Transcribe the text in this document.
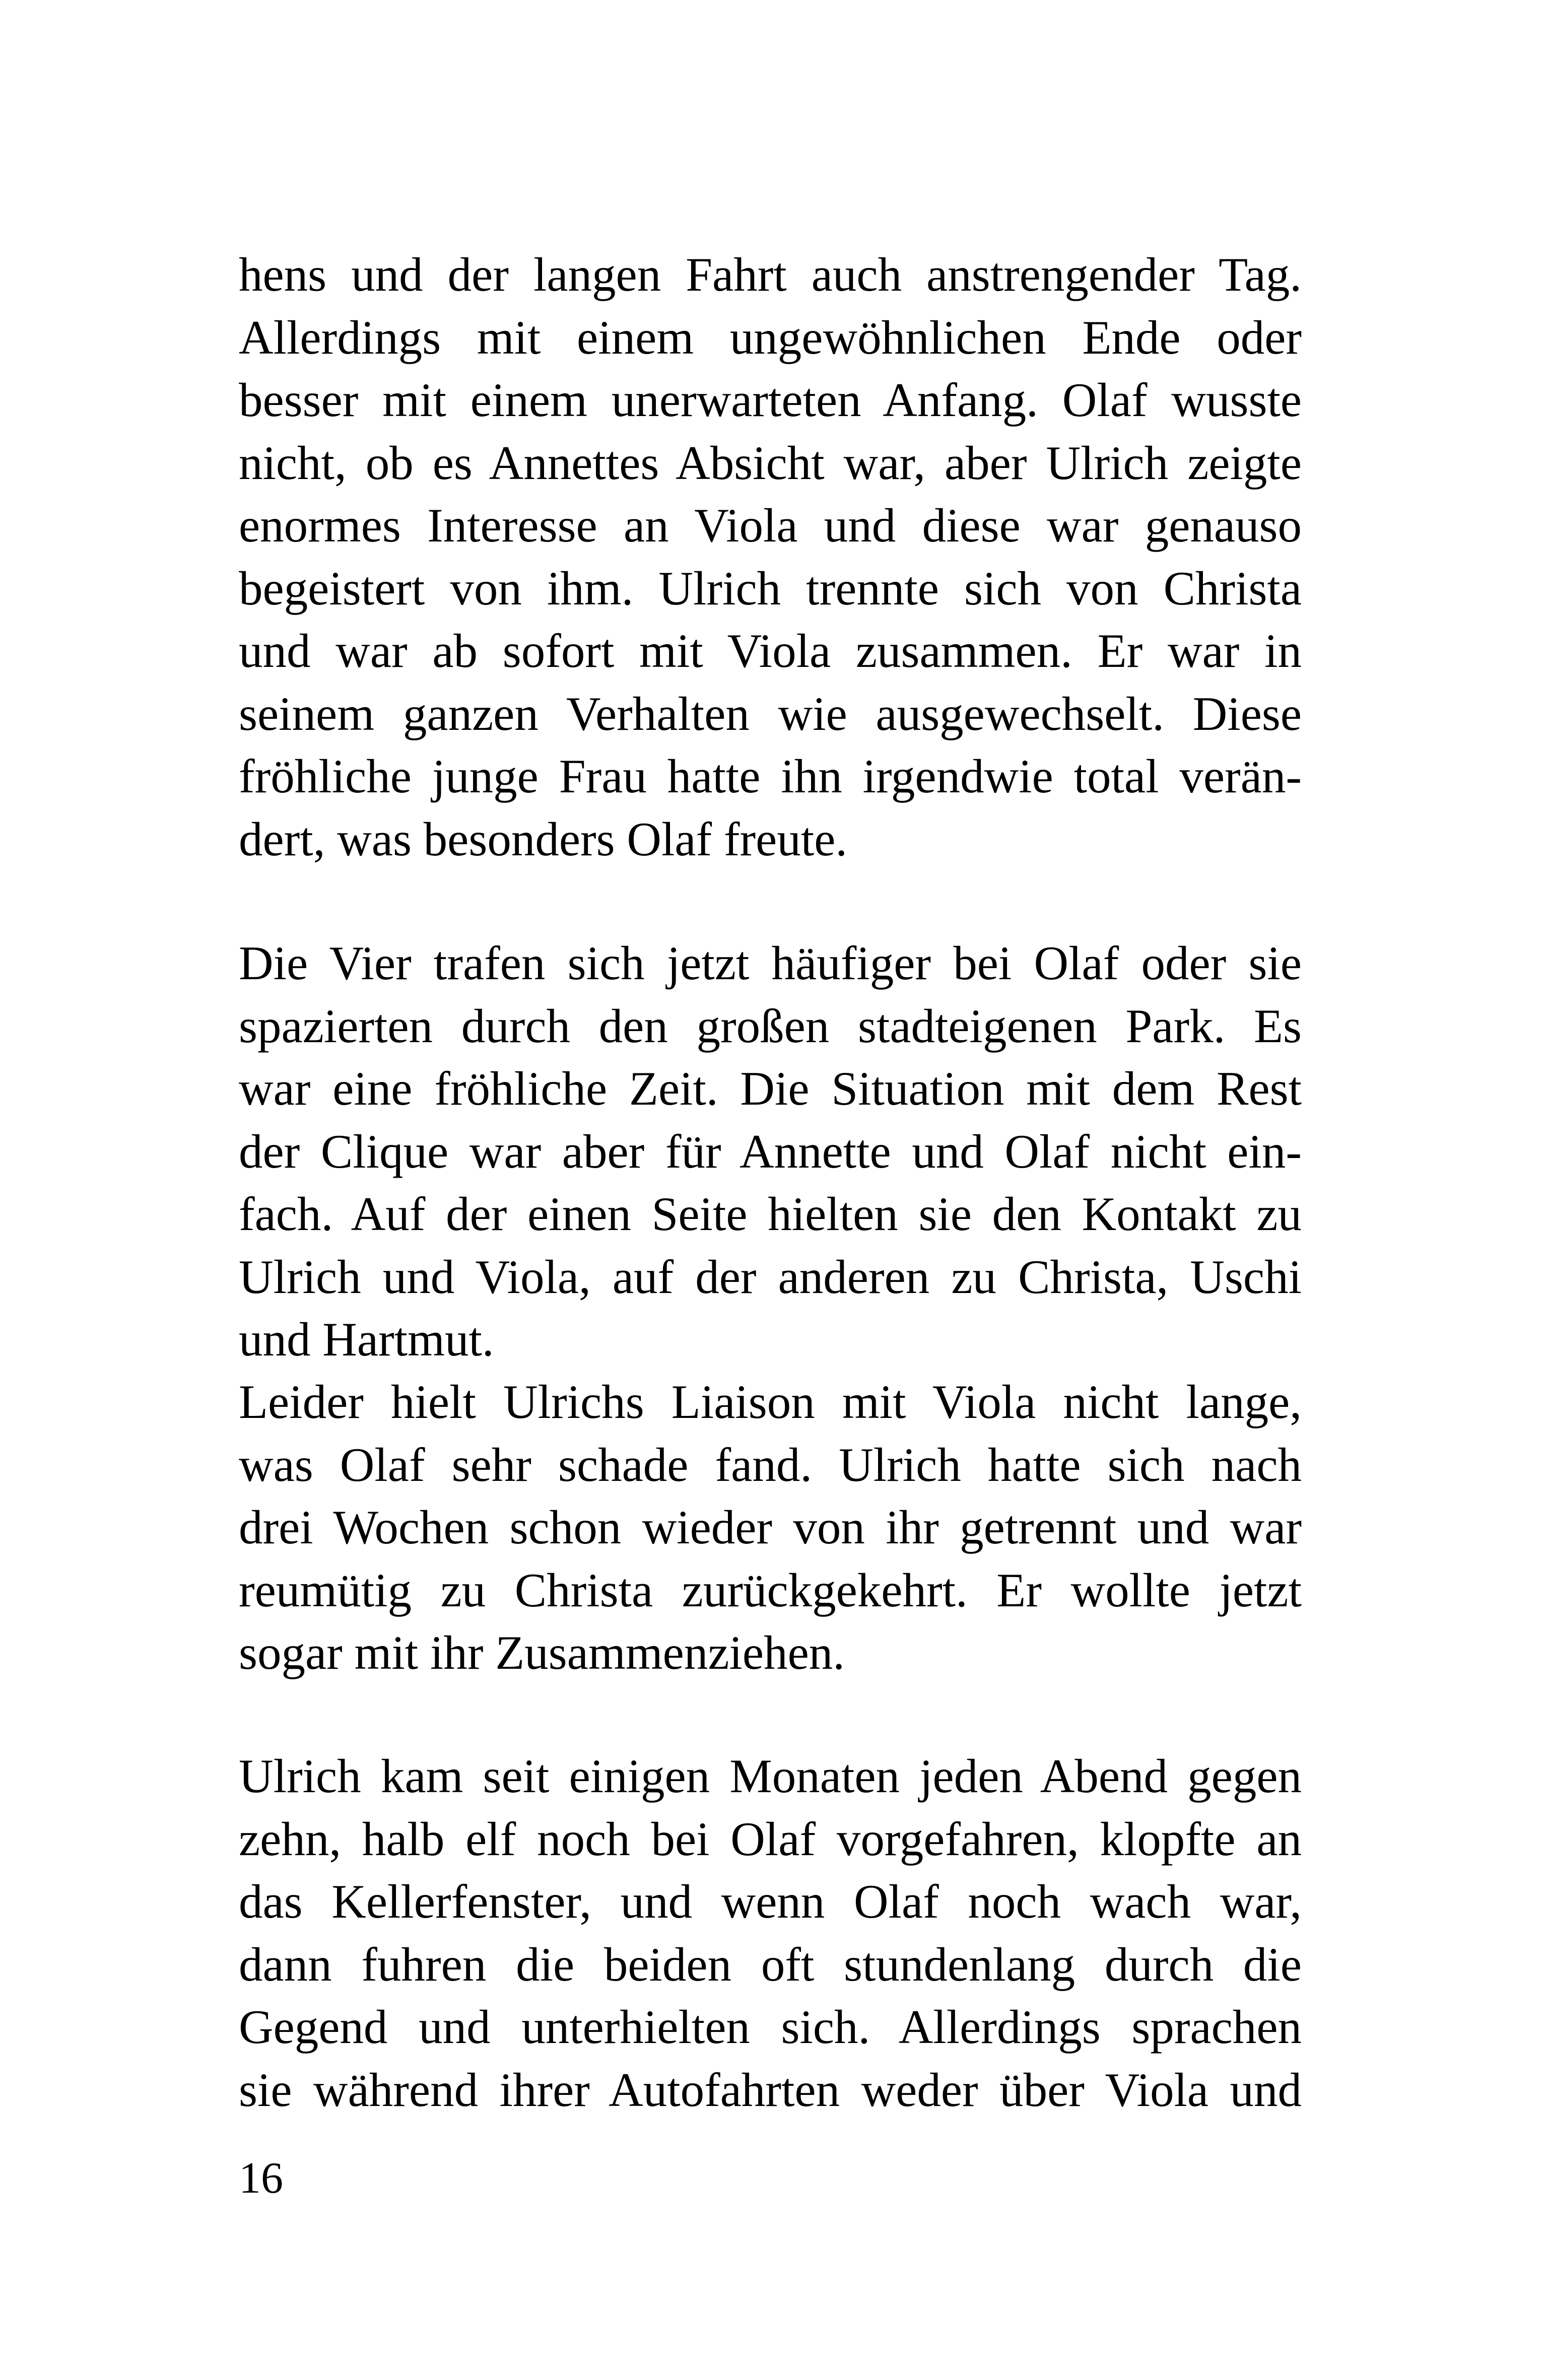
hens und der langen Fahrt auch anstrengender Tag.
Allerdings mit einem ungewöhnlichen Ende oder
besser mit einem unerwarteten Anfang. Olaf wusste
nicht, ob es Annettes Absicht war, aber Ulrich zeigte
enormes Interesse an Viola und diese war genauso
begeistert von ihm. Ulrich trennte sich von Christa
und war ab sofort mit Viola zusammen. Er war in
seinem ganzen Verhalten wie ausgewechselt. Diese
fröhliche junge Frau hatte ihn irgendwie total verän-
dert, was besonders Olaf freute.
Die Vier trafen sich jetzt häufiger bei Olaf oder sie
spazierten durch den großen stadteigenen Park. Es
war eine fröhliche Zeit. Die Situation mit dem Rest
der Clique war aber für Annette und Olaf nicht ein-
fach. Auf der einen Seite hielten sie den Kontakt zu
Ulrich und Viola, auf der anderen zu Christa, Uschi
und Hartmut.
Leider hielt Ulrichs Liaison mit Viola nicht lange,
was Olaf sehr schade fand. Ulrich hatte sich nach
drei Wochen schon wieder von ihr getrennt und war
reumütig zu Christa zurückgekehrt. Er wollte jetzt
sogar mit ihr Zusammenziehen.
Ulrich kam seit einigen Monaten jeden Abend gegen
zehn, halb elf noch bei Olaf vorgefahren, klopfte an
das Kellerfenster, und wenn Olaf noch wach war,
dann fuhren die beiden oft stundenlang durch die
Gegend und unterhielten sich. Allerdings sprachen
sie während ihrer Autofahrten weder über Viola und
16
